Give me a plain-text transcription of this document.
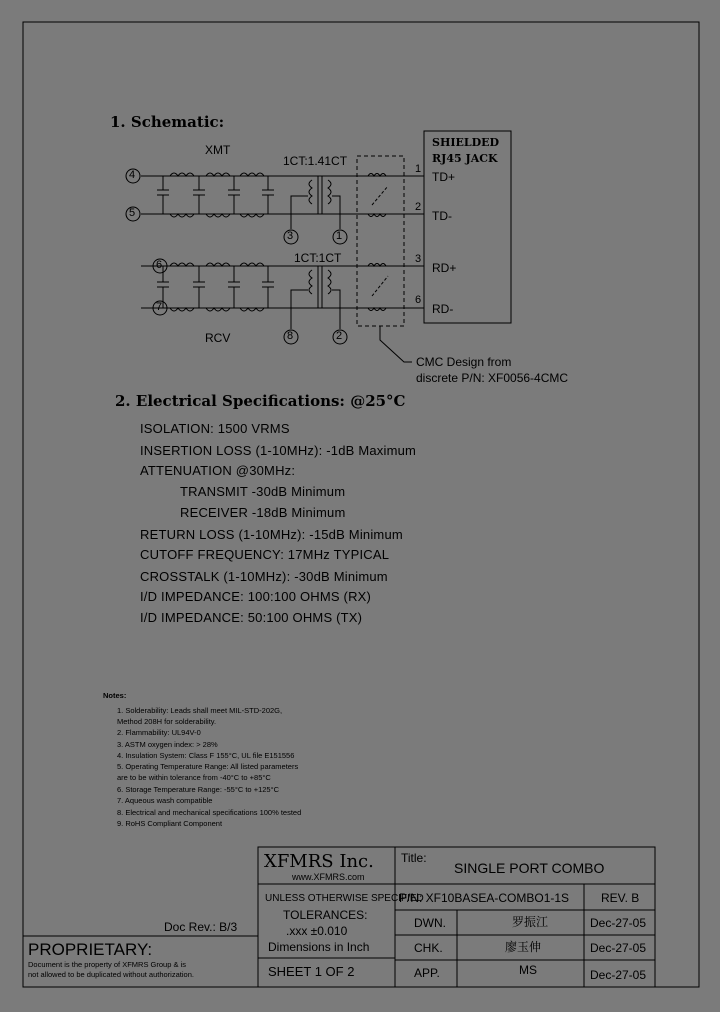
1. Schematic:
XMT
RCV
1CT:1.41CT
1CT:1CT
4
5
6
7
3	1
8	2
SHIELDED
RJ45 JACK
1
TD+
2
TD-
3
RD+
6
RD-
CMC Design from
discrete P/N: XF0056-4CMC
2. Electrical Specifications: @25°C
ISOLATION: 1500 VRMS
INSERTION LOSS (1-10MHz): -1dB Maximum
ATTENUATION @30MHz:
TRANSMIT -30dB Minimum
RECEIVER -18dB Minimum
RETURN LOSS (1-10MHz): -15dB Minimum
CUTOFF FREQUENCY: 17MHz TYPICAL
CROSSTALK (1-10MHz): -30dB Minimum
I/D IMPEDANCE: 100:100 OHMS (RX)
I/D IMPEDANCE: 50:100 OHMS (TX)
Notes:
1. Solderability: Leads shall meet MIL-STD-202G,
Method 208H for solderability.
2. Flammability: UL94V-0
3. ASTM oxygen index: > 28%
4. Insulation System: Class F 155°C, UL file E151556
5. Operating Temperature Range: All listed parameters
are to be within tolerance from -40°C to +85°C
6. Storage Temperature Range: -55°C to +125°C
7. Aqueous wash compatible
8. Electrical and mechanical specifications 100% tested
9. RoHS Compliant Component
Doc Rev.: B/3
PROPRIETARY:
Document is the property of XFMRS Group & is
not allowed to be duplicated without authorization.
XFMRS Inc.
www.XFMRS.com
Title:
SINGLE PORT COMBO
UNLESS OTHERWISE SPECIFIED
TOLERANCES:
.xxx ±0.010
Dimensions in Inch
SHEET 1 OF 2
P/N: XF10BASEA-COMBO1-1S	REV. B
DWN.	罗振江	Dec-27-05
CHK.	廖玉伸	Dec-27-05
APP.	MS	Dec-27-05
